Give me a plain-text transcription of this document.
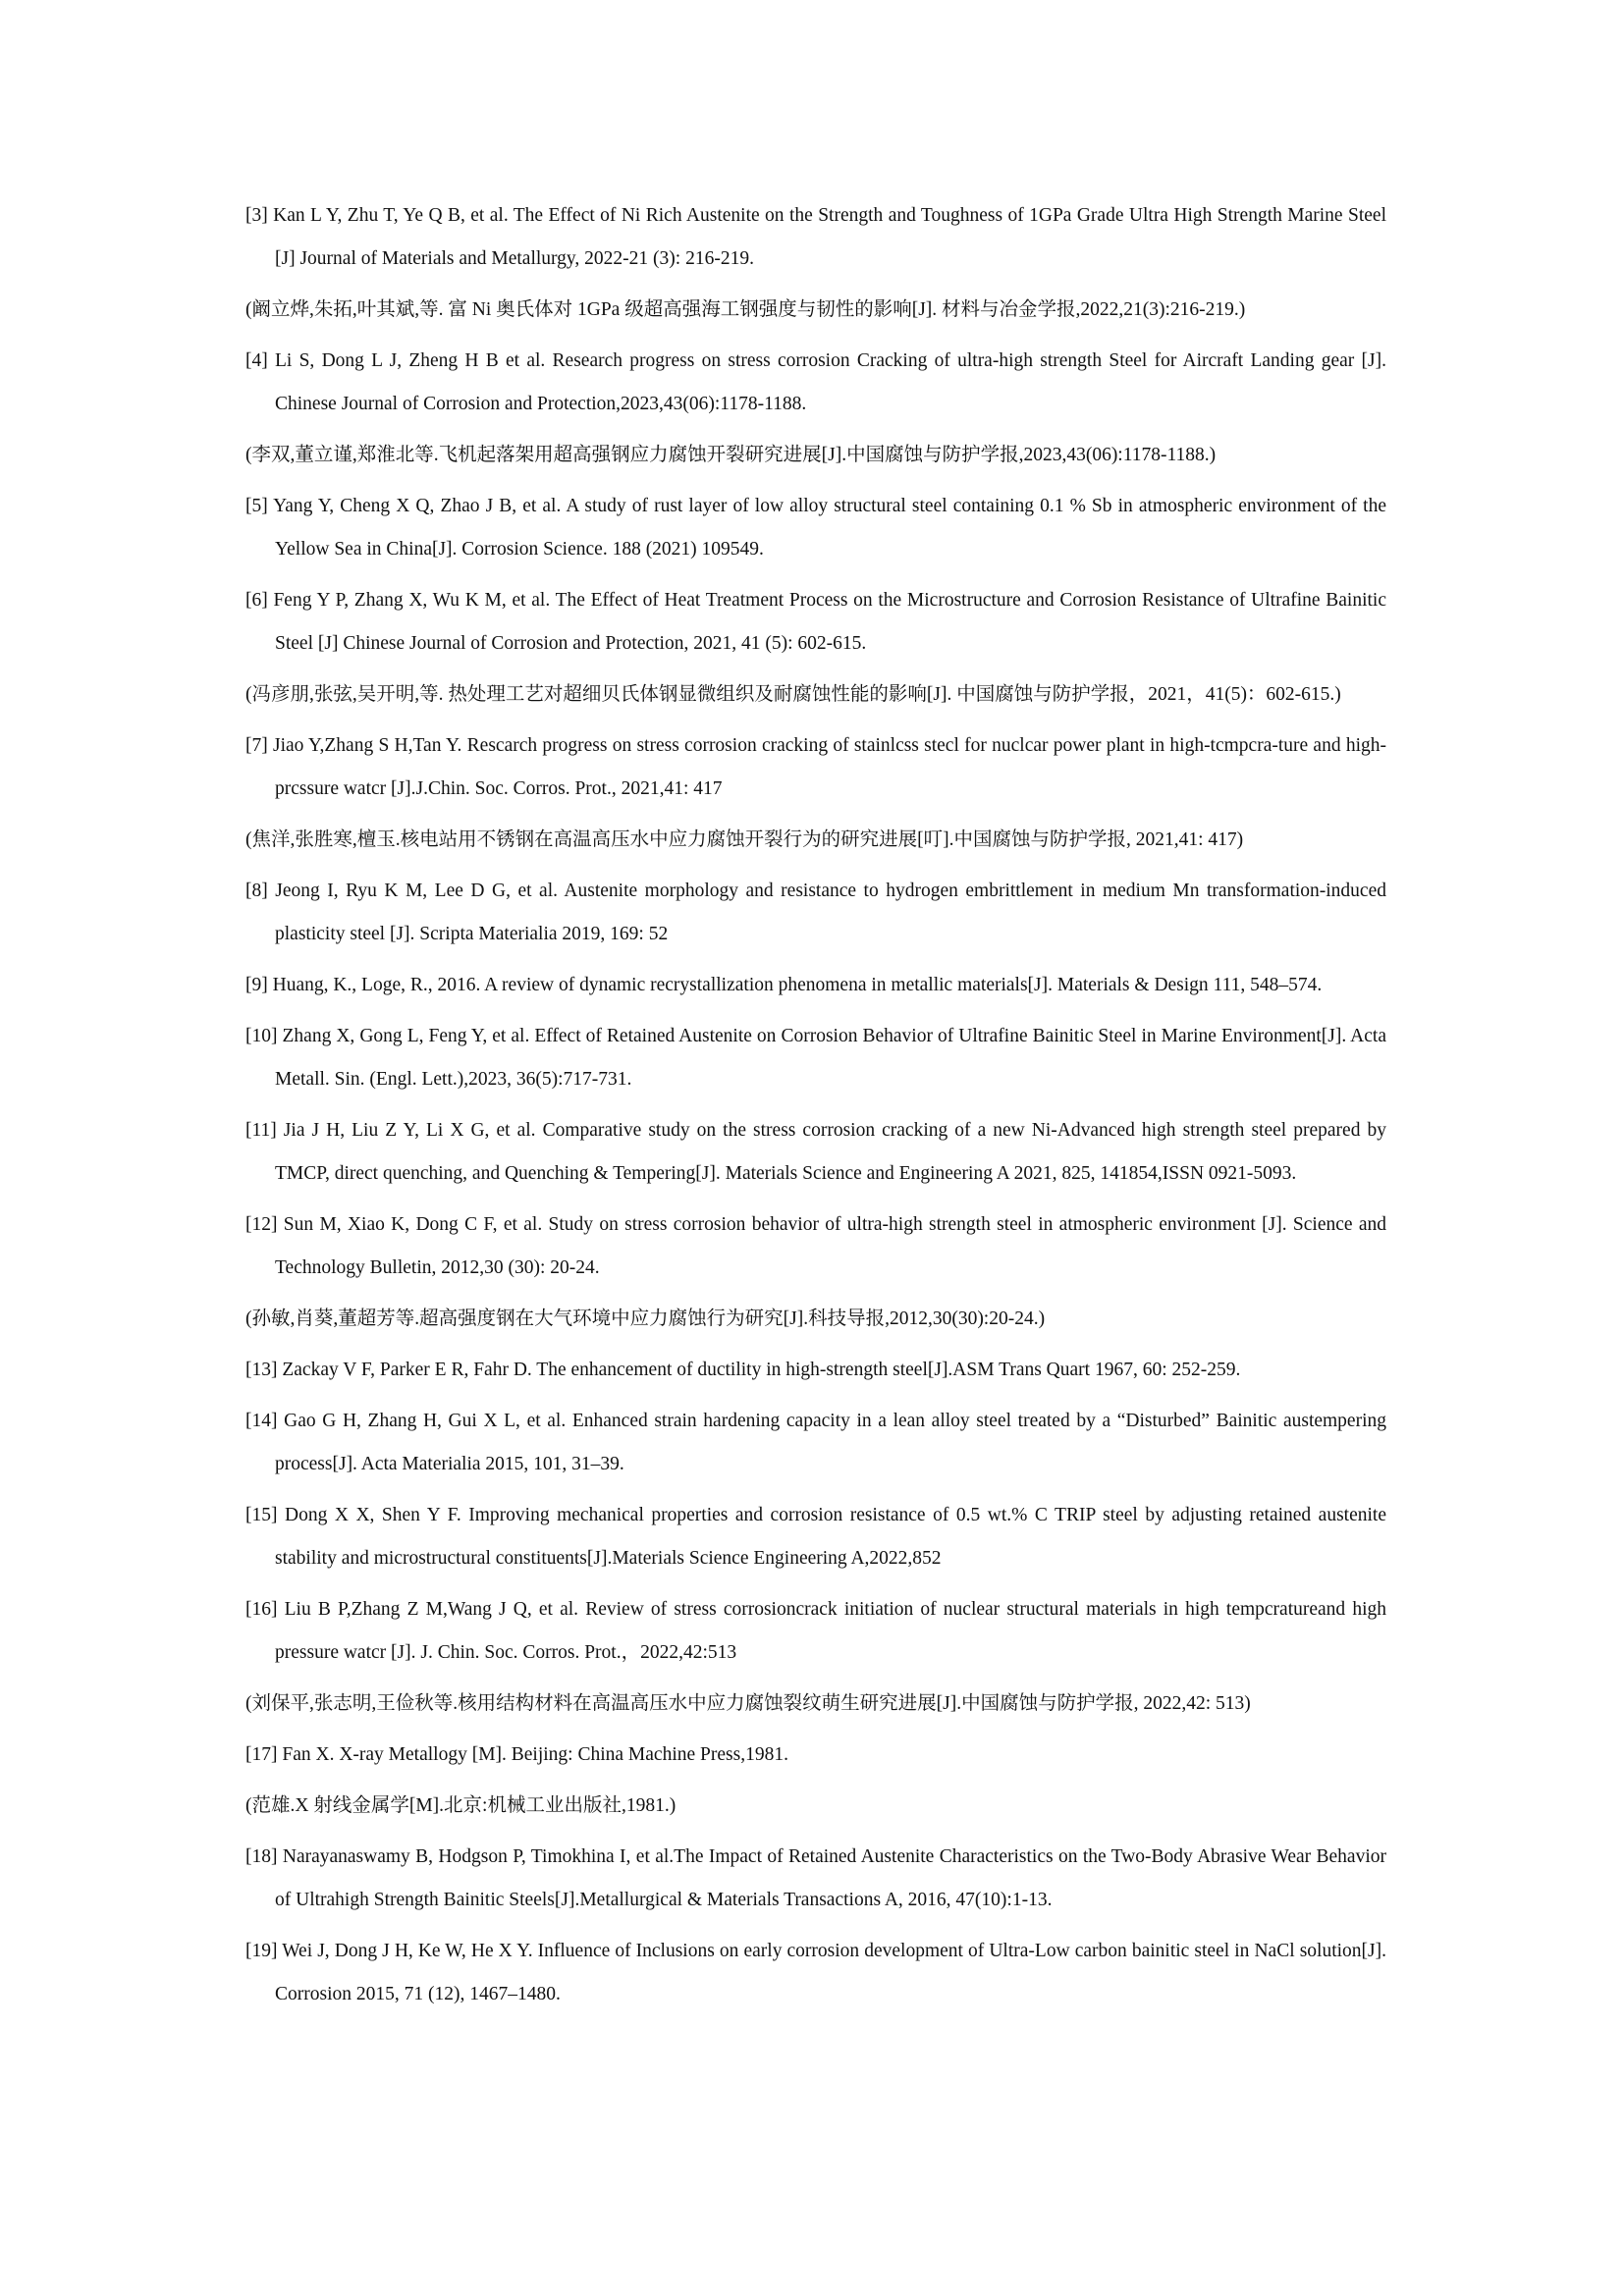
[3] Kan L Y, Zhu T, Ye Q B, et al. The Effect of Ni Rich Austenite on the Strength and Toughness of 1GPa Grade Ultra High Strength Marine Steel [J] Journal of Materials and Metallurgy, 2022-21 (3): 216-219.
(阚立烨,朱拓,叶其斌,等. 富 Ni 奥氏体对 1GPa 级超高强海工钢强度与韧性的影响[J]. 材料与冶金学报,2022,21(3):216-219.)
[4] Li S, Dong L J, Zheng H B et al. Research progress on stress corrosion Cracking of ultra-high strength Steel for Aircraft Landing gear [J]. Chinese Journal of Corrosion and Protection,2023,43(06):1178-1188.
(李双,董立谨,郑淮北等.飞机起落架用超高强钢应力腐蚀开裂研究进展[J].中国腐蚀与防护学报,2023,43(06):1178-1188.)
[5] Yang Y, Cheng X Q, Zhao J B, et al. A study of rust layer of low alloy structural steel containing 0.1 % Sb in atmospheric environment of the Yellow Sea in China[J]. Corrosion Science. 188 (2021) 109549.
[6] Feng Y P, Zhang X, Wu K M, et al. The Effect of Heat Treatment Process on the Microstructure and Corrosion Resistance of Ultrafine Bainitic Steel [J] Chinese Journal of Corrosion and Protection, 2021, 41 (5): 602-615.
(冯彦朋,张弦,吴开明,等. 热处理工艺对超细贝氏体钢显微组织及耐腐蚀性能的影响[J]. 中国腐蚀与防护学报，2021，41(5)：602-615.)
[7] Jiao Y,Zhang S H,Tan Y. Rescarch progress on stress corrosion cracking of stainlcss stecl for nuclcar power plant in high-tcmpcra-ture and high-prcssure watcr [J].J.Chin. Soc. Corros. Prot., 2021,41: 417
(焦洋,张胜寒,檀玉.核电站用不锈钢在高温高压水中应力腐蚀开裂行为的研究进展[叮].中国腐蚀与防护学报, 2021,41: 417)
[8] Jeong I, Ryu K M, Lee D G, et al. Austenite morphology and resistance to hydrogen embrittlement in medium Mn transformation-induced plasticity steel [J]. Scripta Materialia 2019, 169: 52
[9] Huang, K., Loge, R., 2016. A review of dynamic recrystallization phenomena in metallic materials[J]. Materials & Design 111, 548–574.
[10] Zhang X, Gong L, Feng Y, et al. Effect of Retained Austenite on Corrosion Behavior of Ultrafine Bainitic Steel in Marine Environment[J]. Acta Metall. Sin. (Engl. Lett.),2023, 36(5):717-731.
[11] Jia J H, Liu Z Y, Li X G, et al. Comparative study on the stress corrosion cracking of a new Ni-Advanced high strength steel prepared by TMCP, direct quenching, and Quenching & Tempering[J]. Materials Science and Engineering A 2021, 825, 141854,ISSN 0921-5093.
[12] Sun M, Xiao K, Dong C F, et al. Study on stress corrosion behavior of ultra-high strength steel in atmospheric environment [J]. Science and Technology Bulletin, 2012,30 (30): 20-24.
(孙敏,肖葵,董超芳等.超高强度钢在大气环境中应力腐蚀行为研究[J].科技导报,2012,30(30):20-24.)
[13] Zackay V F, Parker E R, Fahr D. The enhancement of ductility in high-strength steel[J].ASM Trans Quart 1967, 60: 252-259.
[14] Gao G H, Zhang H, Gui X L, et al. Enhanced strain hardening capacity in a lean alloy steel treated by a “Disturbed” Bainitic austempering process[J]. Acta Materialia 2015, 101, 31–39.
[15] Dong X X, Shen Y F. Improving mechanical properties and corrosion resistance of 0.5 wt.% C TRIP steel by adjusting retained austenite stability and microstructural constituents[J].Materials Science Engineering A,2022,852
[16] Liu B P,Zhang Z M,Wang J Q, et al. Review of stress corrosioncrack initiation of nuclear structural materials in high tempcratureand high pressure watcr [J]. J. Chin. Soc. Corros. Prot.，2022,42:513
(刘保平,张志明,王俭秋等.核用结构材料在高温高压水中应力腐蚀裂纹萌生研究进展[J].中国腐蚀与防护学报, 2022,42: 513)
[17] Fan X. X-ray Metallogy [M]. Beijing: China Machine Press,1981.
(范雄.X 射线金属学[M].北京:机械工业出版社,1981.)
[18] Narayanaswamy B, Hodgson P, Timokhina I, et al.The Impact of Retained Austenite Characteristics on the Two-Body Abrasive Wear Behavior of Ultrahigh Strength Bainitic Steels[J].Metallurgical & Materials Transactions A, 2016, 47(10):1-13.
[19] Wei J, Dong J H, Ke W, He X Y. Influence of Inclusions on early corrosion development of Ultra-Low carbon bainitic steel in NaCl solution[J]. Corrosion 2015, 71 (12), 1467–1480.
